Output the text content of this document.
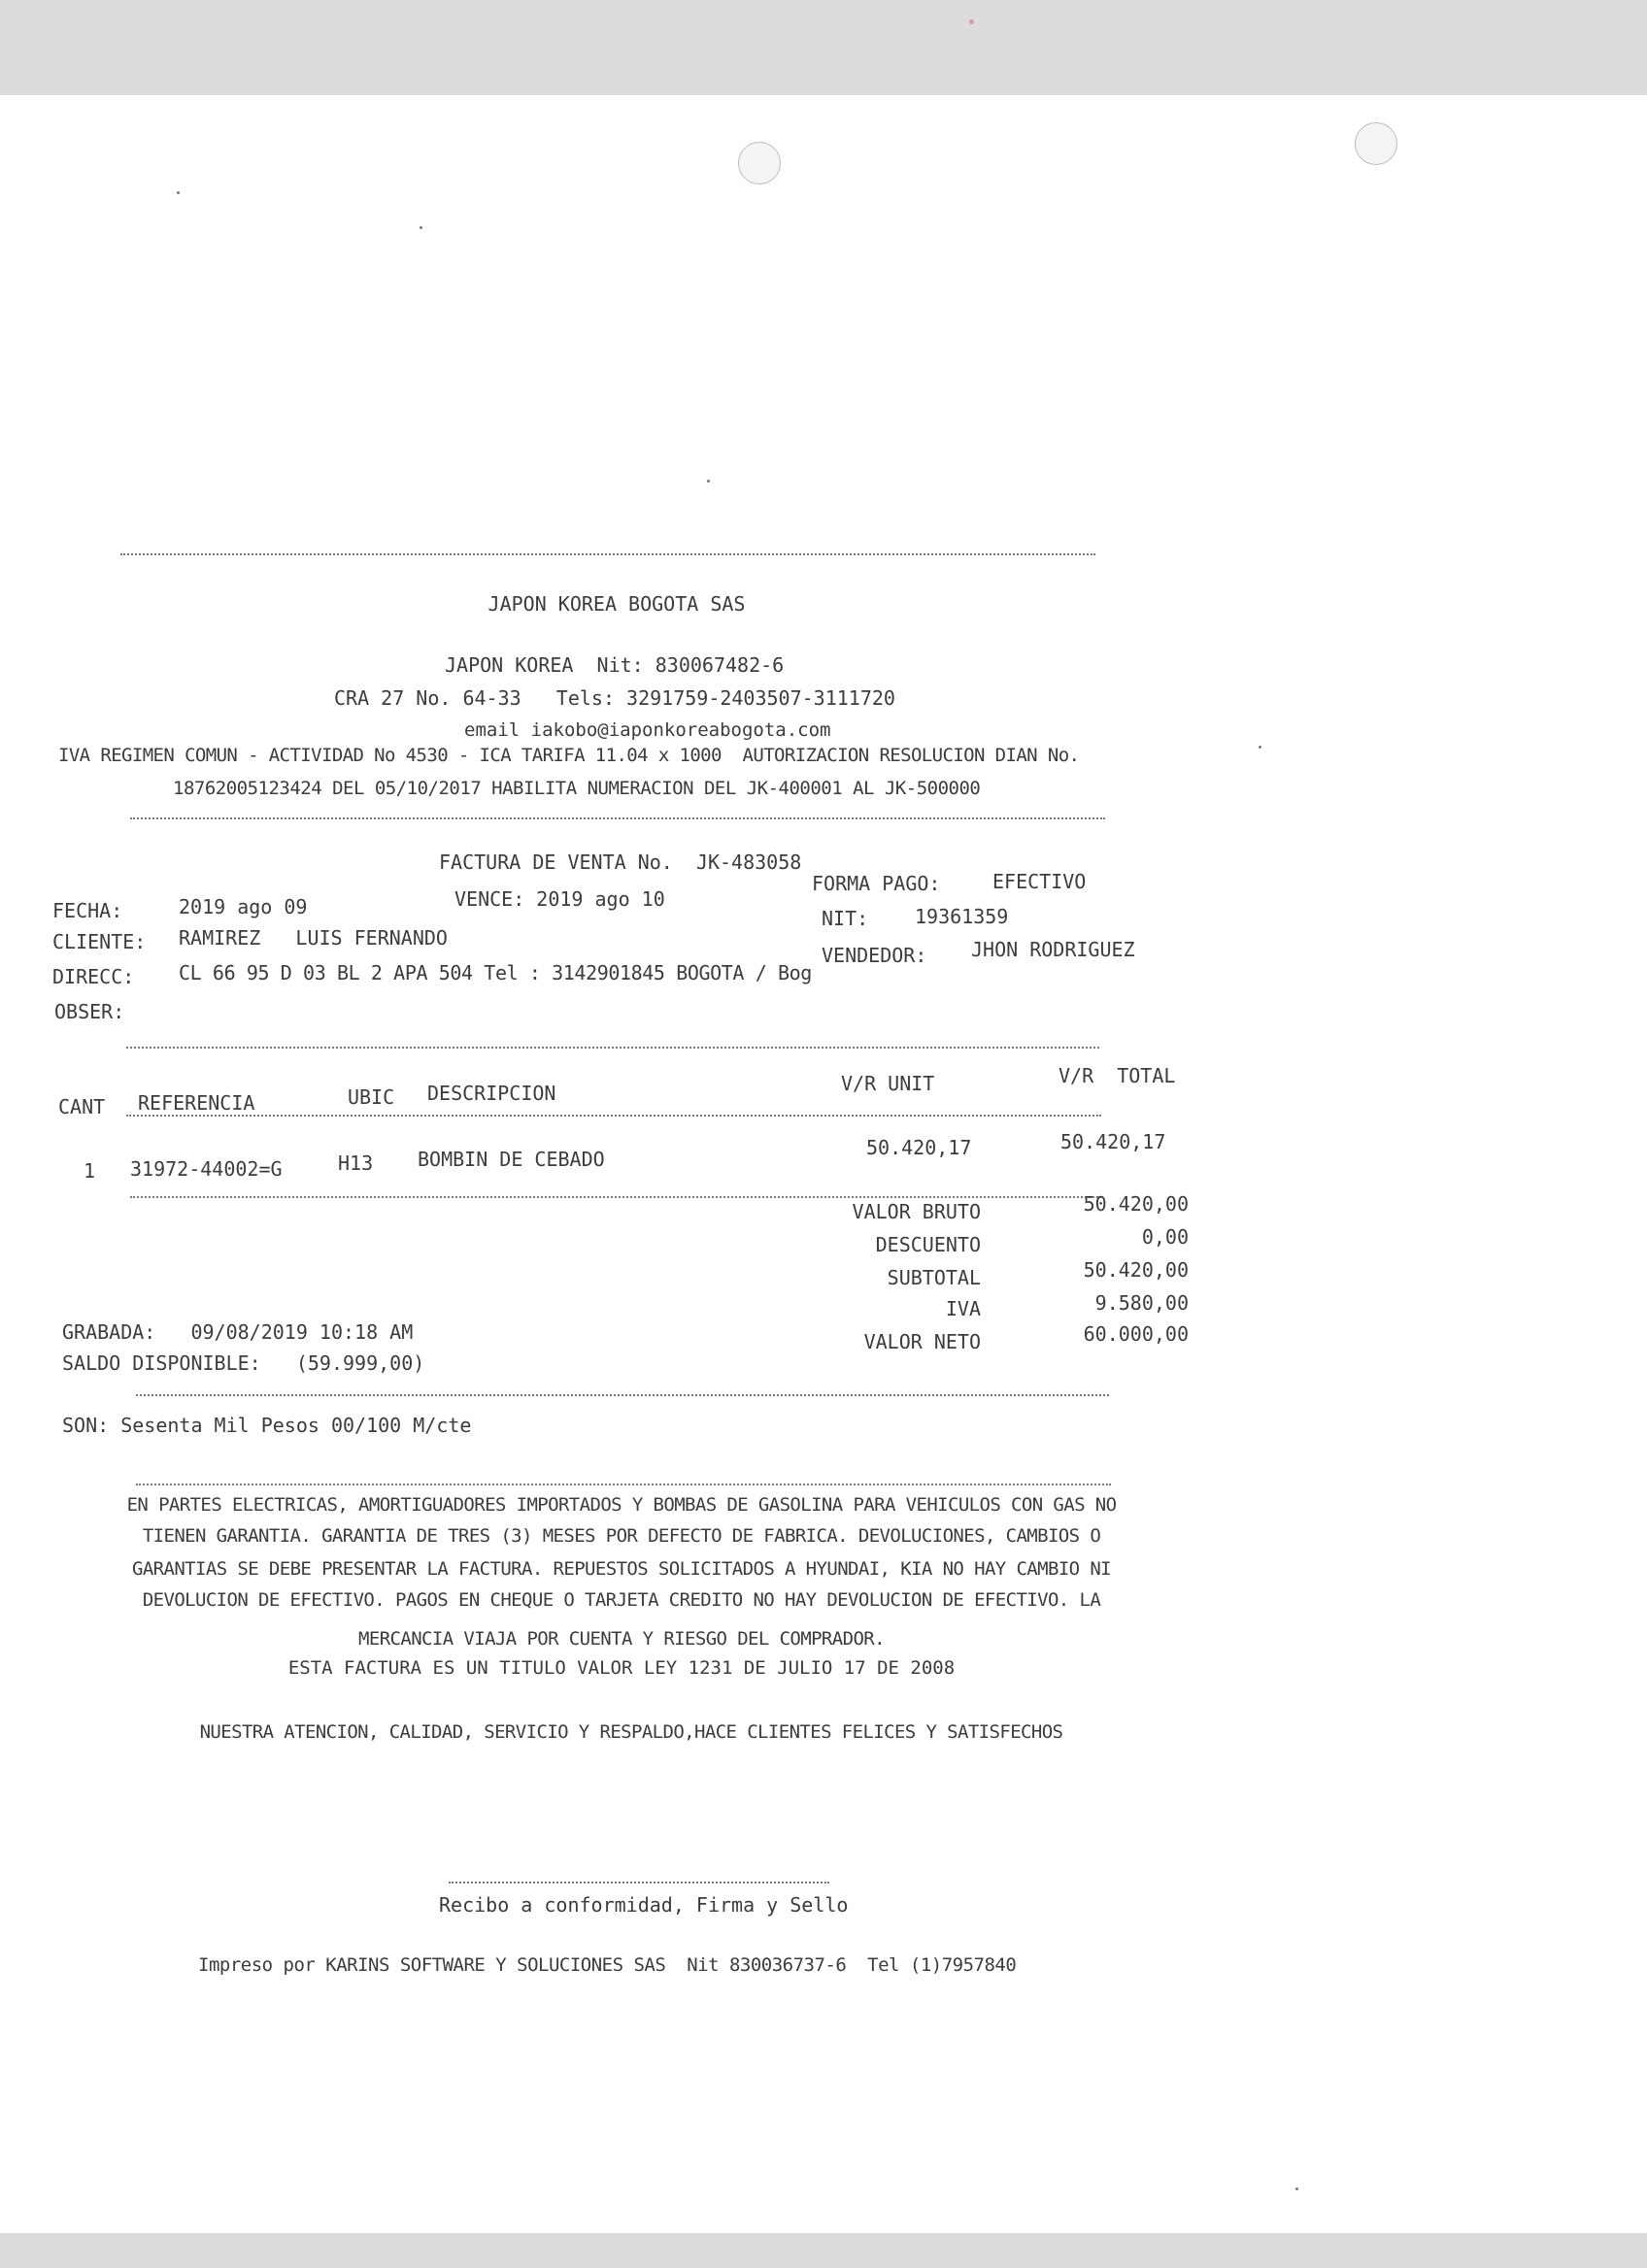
JAPON KOREA BOGOTA SAS
JAPON KOREA  Nit: 830067482-6
CRA 27 No. 64-33   Tels: 3291759-2403507-3111720
email iakobo@iaponkoreabogota.com
IVA REGIMEN COMUN - ACTIVIDAD No 4530 - ICA TARIFA 11.04 x 1000  AUTORIZACION RESOLUCION DIAN No.
18762005123424 DEL 05/10/2017 HABILITA NUMERACION DEL JK-400001 AL JK-500000
FACTURA DE VENTA No.  JK-483058
FORMA PAGO:	EFECTIVO
FECHA:	2019 ago 09	VENCE: 2019 ago 10
NIT: 19361359
CLIENTE: RAMIREZ   LUIS FERNANDO
DIRECC: CL 66 95 D 03 BL 2 APA 504 Tel : 3142901845 BOGOTA / Bog
VENDEDOR: JHON RODRIGUEZ
OBSER:
CANT REFERENCIA	UBIC DESCRIPCION	V/R UNIT	V/R  TOTAL
1 31972-44002=G	H13 BOMBIN DE CEBADO	50.420,17	50.420,17
VALOR BRUTO	50.420,00
DESCUENTO	0,00
SUBTOTAL	50.420,00
IVA	9.580,00
VALOR NETO	60.000,00
GRABADA:   09/08/2019 10:18 AM
SALDO DISPONIBLE:   (59.999,00)
SON: Sesenta Mil Pesos 00/100 M/cte
EN PARTES ELECTRICAS, AMORTIGUADORES IMPORTADOS Y BOMBAS DE GASOLINA PARA VEHICULOS CON GAS NO
TIENEN GARANTIA. GARANTIA DE TRES (3) MESES POR DEFECTO DE FABRICA. DEVOLUCIONES, CAMBIOS O
GARANTIAS SE DEBE PRESENTAR LA FACTURA. REPUESTOS SOLICITADOS A HYUNDAI, KIA NO HAY CAMBIO NI
DEVOLUCION DE EFECTIVO. PAGOS EN CHEQUE O TARJETA CREDITO NO HAY DEVOLUCION DE EFECTIVO. LA
MERCANCIA VIAJA POR CUENTA Y RIESGO DEL COMPRADOR.
ESTA FACTURA ES UN TITULO VALOR LEY 1231 DE JULIO 17 DE 2008
NUESTRA ATENCION, CALIDAD, SERVICIO Y RESPALDO,HACE CLIENTES FELICES Y SATISFECHOS
Recibo a conformidad, Firma y Sello
Impreso por KARINS SOFTWARE Y SOLUCIONES SAS  Nit 830036737-6  Tel (1)7957840
